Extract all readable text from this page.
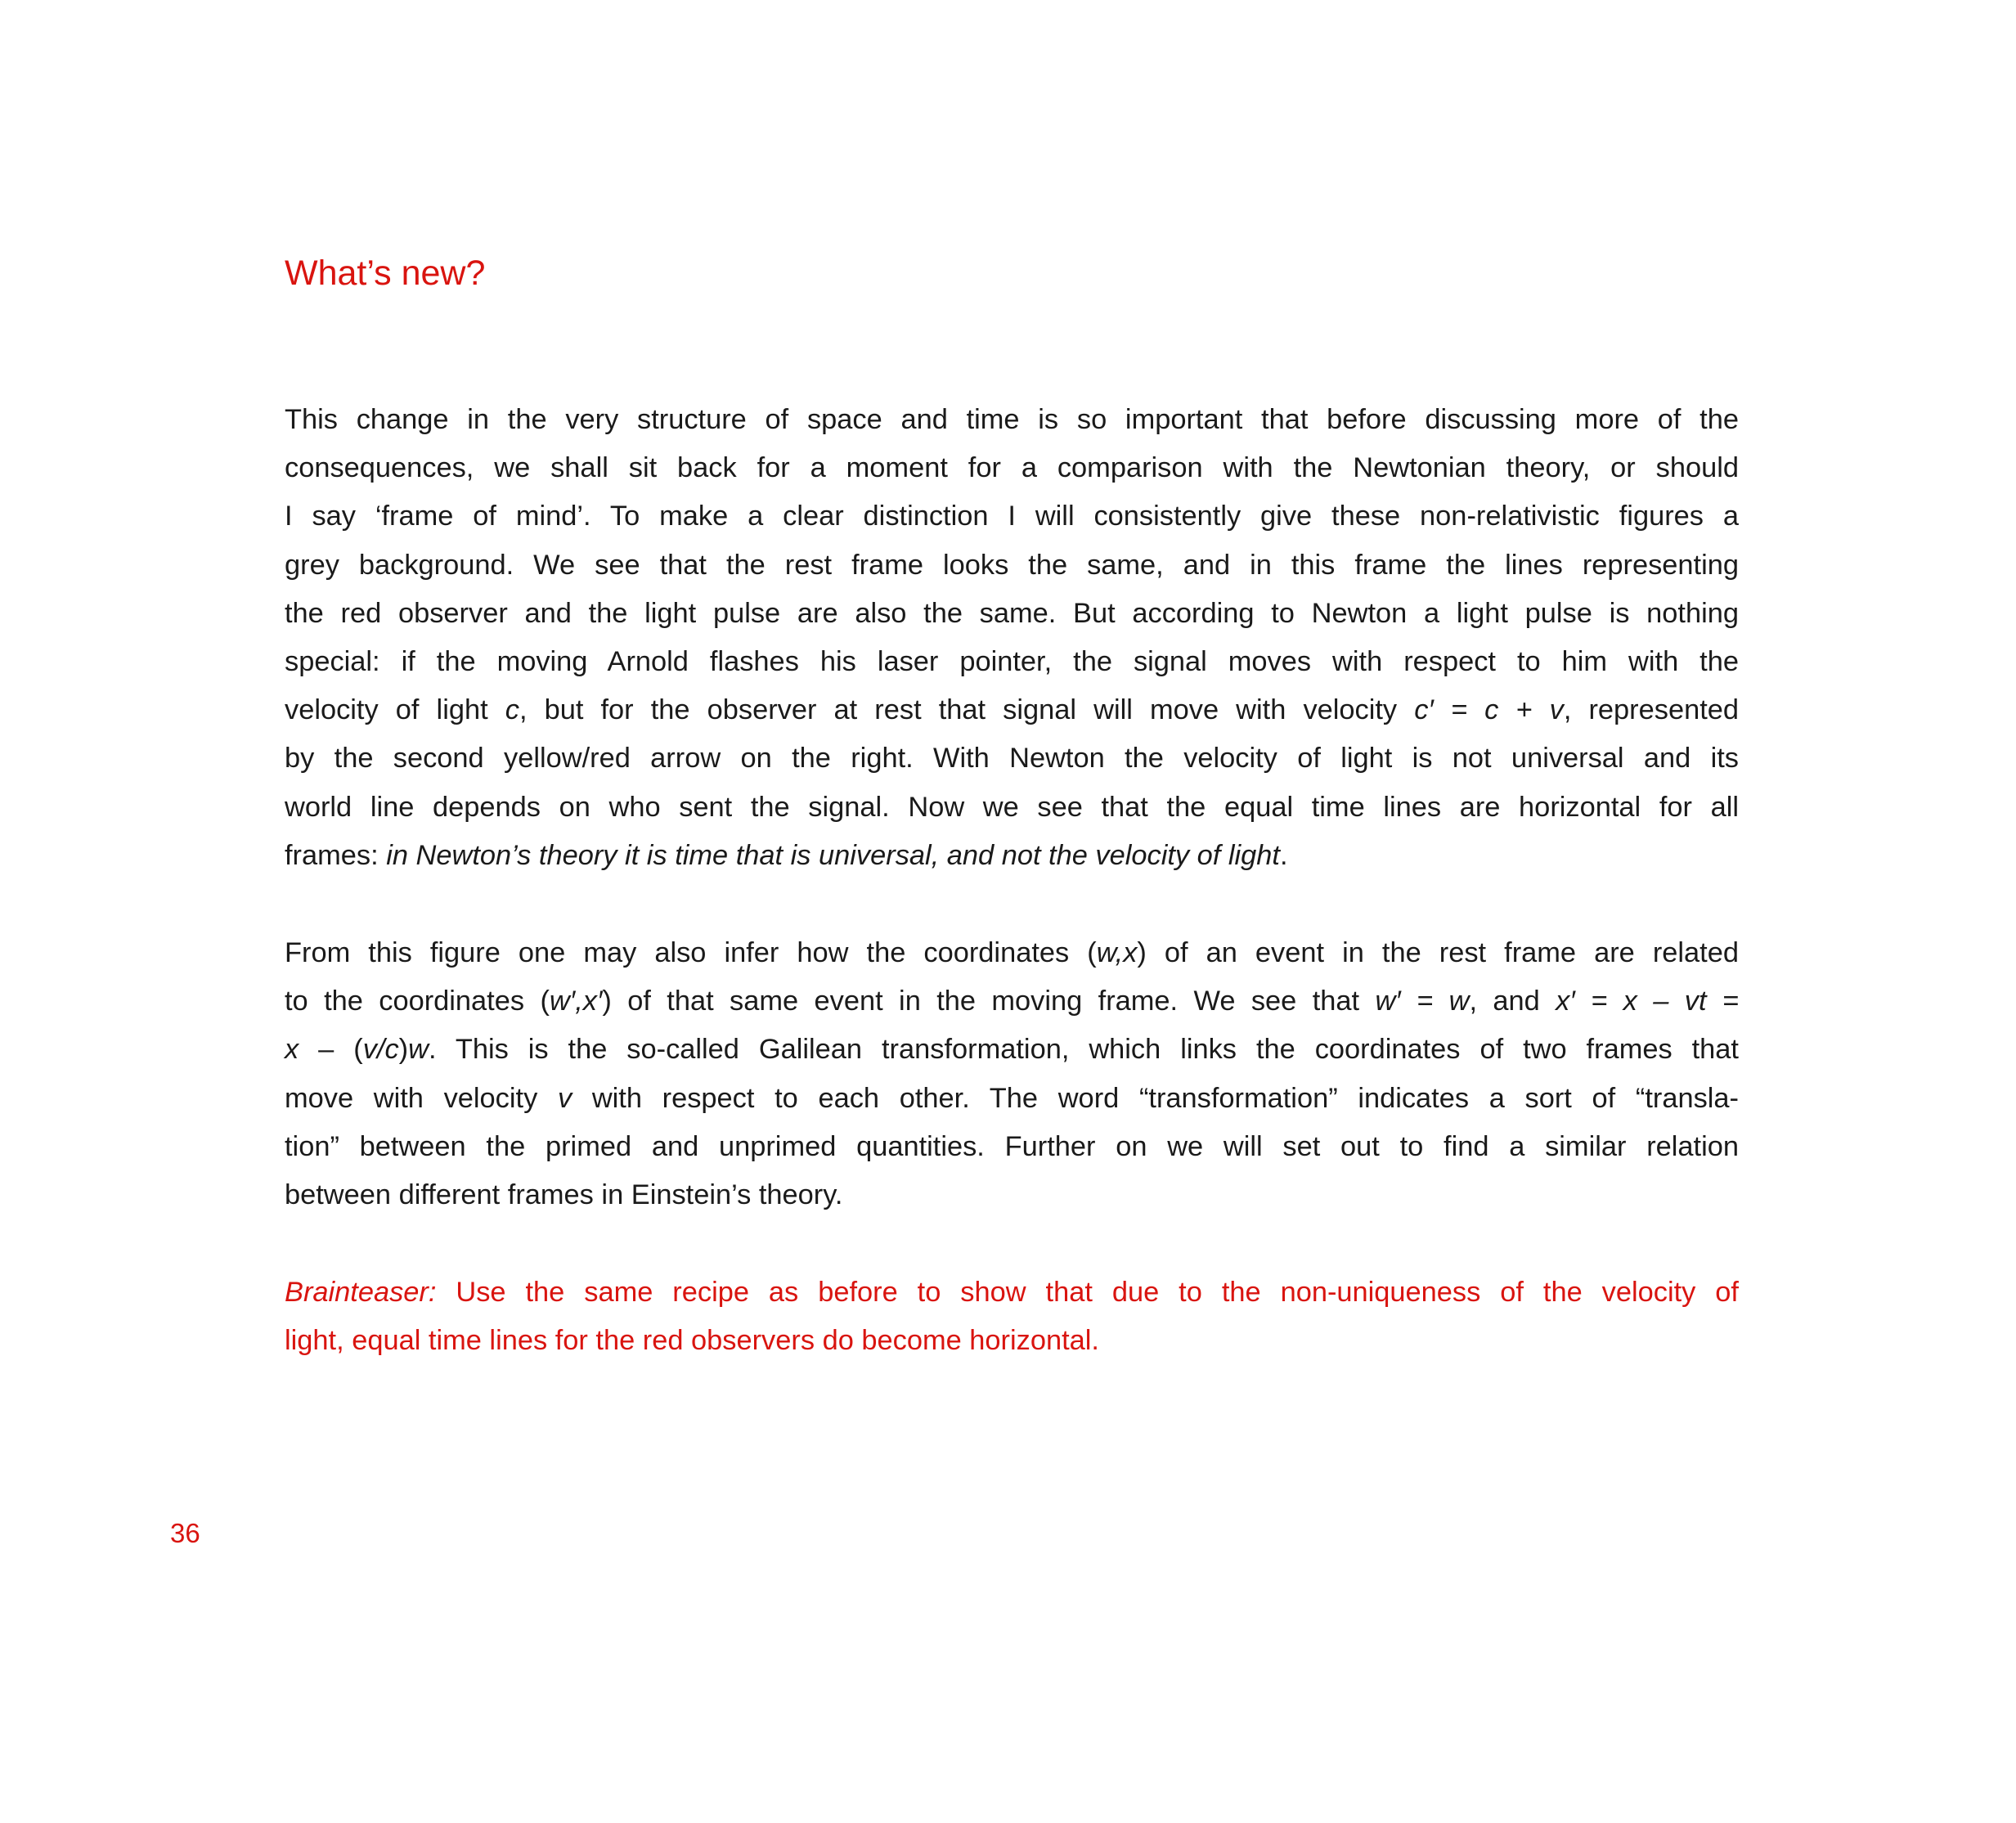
What’s new?
This change in the very structure of space and time is so important that before discussing more of the
consequences, we shall sit back for a moment for a comparison with the Newtonian theory, or should
I say ‘frame of mind’. To make a clear distinction I will consistently give these non-relativistic figures a
grey background. We see that the rest frame looks the same, and in this frame the lines representing
the red observer and the light pulse are also the same. But according to Newton a light pulse is nothing
special: if the moving Arnold flashes his laser pointer, the signal moves with respect to him with the
velocity of light c, but for the observer at rest that signal will move with velocity c′ = c + v, represented
by the second yellow/red arrow on the right. With Newton the velocity of light is not universal and its
world line depends on who sent the signal. Now we see that the equal time lines are horizontal for all
frames: in Newton’s theory it is time that is universal, and not the velocity of light.
From this figure one may also infer how the coordinates (w,x) of an event in the rest frame are related
to the coordinates (w′,x′) of that same event in the moving frame. We see that w′ = w, and x′ = x – vt =
x – (v/c)w. This is the so-called Galilean transformation, which links the coordinates of two frames that
move with velocity v with respect to each other. The word “transformation” indicates a sort of “transla-
tion” between the primed and unprimed quantities. Further on we will set out to find a similar relation
between different frames in Einstein’s theory.
Brainteaser: Use the same recipe as before to show that due to the non-uniqueness of the velocity of
light, equal time lines for the red observers do become horizontal.
36
